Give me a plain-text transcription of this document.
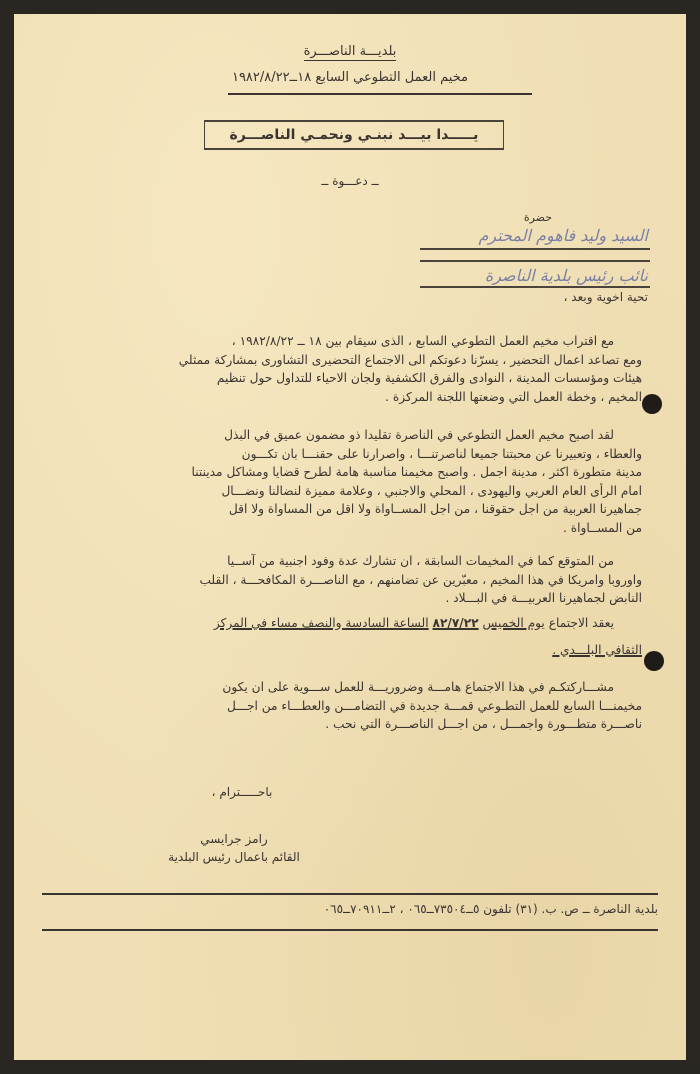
بلديـــة الناصـــرة
مخيم العمل التطوعي السابع ١٨ــ١٩٨٢/٨/٢٢
يـــــدا بيـــد نبنـي ونحمـي الناصـــرة
ــ دعـــوة ــ
حضرة
السيد وليد فاهوم المحترم
نائب رئيس بلدية الناصرة
تحية اخوية وبعد ،
مع اقتراب مخيم العمل التطوعي السابع ، الذى سيقام بين ١٨ ــ ١٩٨٢/٨/٢٢ ،
ومع تصاعد اعمال التحضير ، يسرّنا دعوتكم الى الاجتماع التحضيرى التشاورى بمشاركة ممثلي
هيئات ومؤسسات المدينة ، النوادى والفرق الكشفية ولجان الاحياء للتداول حول تنظيم
المخيم ، وخطة العمل التي وضعتها اللجنة المركزة .
لقد اصبح مخيم العمل التطوعي في الناصرة تقليدا ذو مضمون عميق في البذل
والعطاء ، وتعبيرنا عن محبتنا جميعا لناصرتنـــا ، واصرارنا على حقنـــا بان تكـــون
مدينة متطورة اكثر ، مدينة اجمل . واصبح مخيمنا مناسبة هامة لطرح قضايا ومشاكل مدينتنا
امام الرأى العام العربي واليهودى ، المحلي والاجنبي ، وعلامة مميزة لنضالنا ونضـــال
جماهيرنا العربية من اجل حقوقنا ، من اجل المســاواة ولا اقل من المساواة ولا اقل
من المســاواة .
من المتوقع كما في المخيمات السابقة ، ان تشارك عدة وفود اجنبية من آســيا
واوروبا وامريكا في هذا المخيم ، معبّرين عن تضامنهم ، مع الناصـــرة المكافحـــة ، القلب
النابض لجماهيرنا العربيـــة في البـــلاد .
يعقد الاجتماع يوم الخميس ٨٢/٧/٢٢ الساعة السادسة والنصف مساء في المركز
الثقافي البلـــدي .
مشـــاركتكـم في هذا الاجتماع هامـــة وضروريـــة للعمل ســـوية على ان يكون
مخيمنـــا السابع للعمل التطـوعي قمـــة جديدة في التضامـــن والعطـــاء من اجـــل
ناصـــرة متطـــورة واجمـــل ، من اجـــل الناصـــرة التي نحب .
باحـــــترام ،
رامز جرايسي
القائم باعمال رئيس البلدية
بلدية الناصرة ــ ص. ب. (٣١) تلفون ٥ــ٧٣٥٠٤ــ٠٦٥ ، ٢ــ٧٠٩١١ــ٠٦٥
